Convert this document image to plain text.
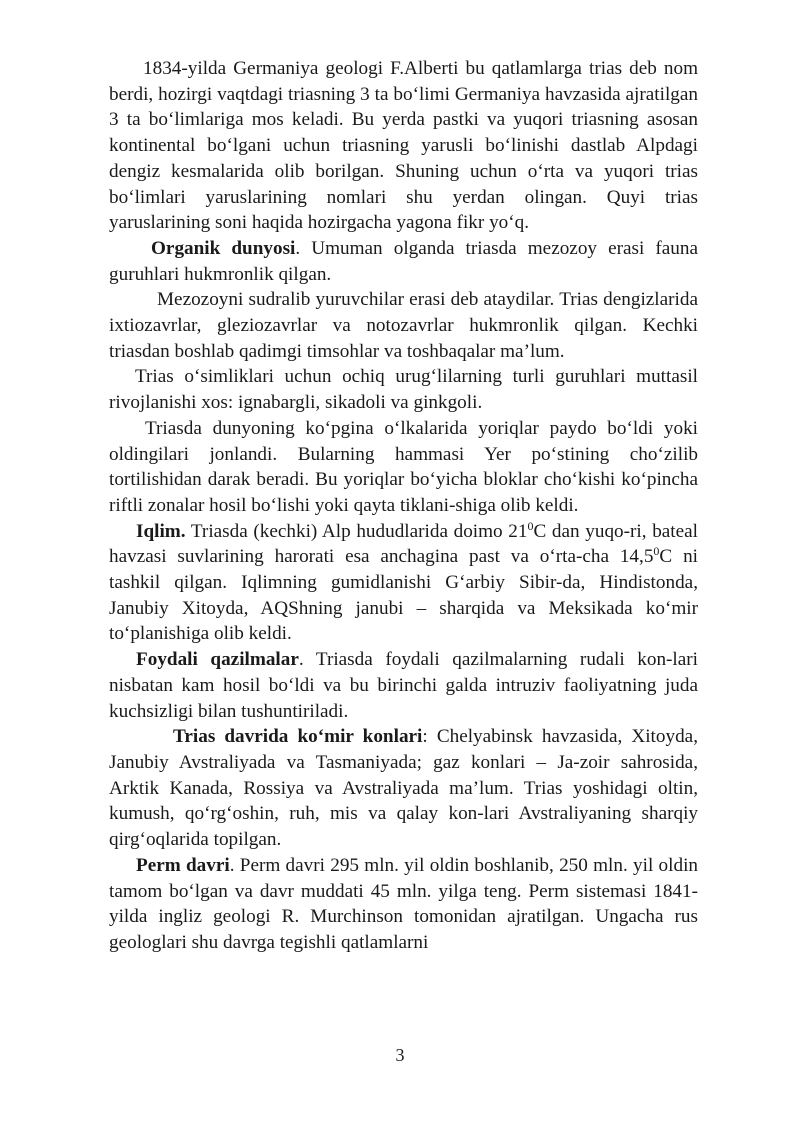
1834-yilda Germaniya geologi F.Alberti bu qatlamlarga trias deb nom berdi, hozirgi vaqtdagi triasning 3 ta bo‘limi Germaniya havzasida ajratilgan 3 ta bo‘limlariga mos keladi. Bu yerda pastki va yuqori triasning asosan kontinental bo‘lgani uchun triasning yarusli bo‘linishi dastlab Alpdagi dengiz kesmalarida olib borilgan. Shuning uchun o‘rta va yuqori trias bo‘limlari yaruslarining nomlari shu yerdan olingan. Quyi trias yaruslarining soni haqida hozirgacha yagona fikr yo‘q.

Organik dunyosi. Umuman olganda triasda mezozoy erasi fauna guruhlari hukmronlik qilgan.

Mezozoyni sudralib yuruvchilar erasi deb ataydilar. Trias dengizlarida ixtiozavrlar, gleziozavrlar va notozavrlar hukmronlik qilgan. Kechki triasdan boshlab qadimgi timsohlar va toshbaqalar ma’lum.

Trias o‘simliklari uchun ochiq urug‘lilarning turli guruhlari muttasil rivojlanishi xos: ignabargli, sikadoli va ginkgoli.

Triasda dunyoning ko‘pgina o‘lkalarida yoriqlar paydo bo‘ldi yoki oldingilari jonlandi. Bularning hammasi Yer po‘stining cho‘zilib tortilishidan darak beradi. Bu yoriqlar bo‘yicha bloklar cho‘kishi ko‘pincha riftli zonalar hosil bo‘lishi yoki qayta tiklani-shiga olib keldi.

Iqlim. Triasda (kechki) Alp hududlarida doimo $21^0C$ dan yuqo-ri, bateal havzasi suvlarining harorati esa anchagina past va o‘rta-cha 14,5$^0$C ni tashkil qilgan. Iqlimning gumidlanishi G‘arbiy Sibir-da, Hindistonda, Janubiy Xitoyda, AQShning janubi – sharqida va Meksikada ko‘mir to‘planishiga olib keldi.

Foydali qazilmalar. Triasda foydali qazilmalarning rudali kon-lari nisbatan kam hosil bo‘ldi va bu birinchi galda intruziv faoliyatning juda kuchsizligi bilan tushuntiriladi.

Trias davrida ko‘mir konlari: Chelyabinsk havzasida, Xitoyda, Janubiy Avstraliyada va Tasmaniyada; gaz konlari – Ja-zoir sahrosida, Arktik Kanada, Rossiya va Avstraliyada ma’lum. Trias yoshidagi oltin, kumush, qo‘rg‘oshin, ruh, mis va qalay kon-lari Avstraliyaning sharqiy qirg‘oqlarida topilgan.

Perm davri. Perm davri 295 mln. yil oldin boshlanib, 250 mln. yil oldin tamom bo‘lgan va davr muddati 45 mln. yilga teng. Perm sistemasi 1841-yilda ingliz geologi R. Murchinson tomonidan ajratilgan. Ungacha rus geologlari shu davrga tegishli qatlamlarni

3
